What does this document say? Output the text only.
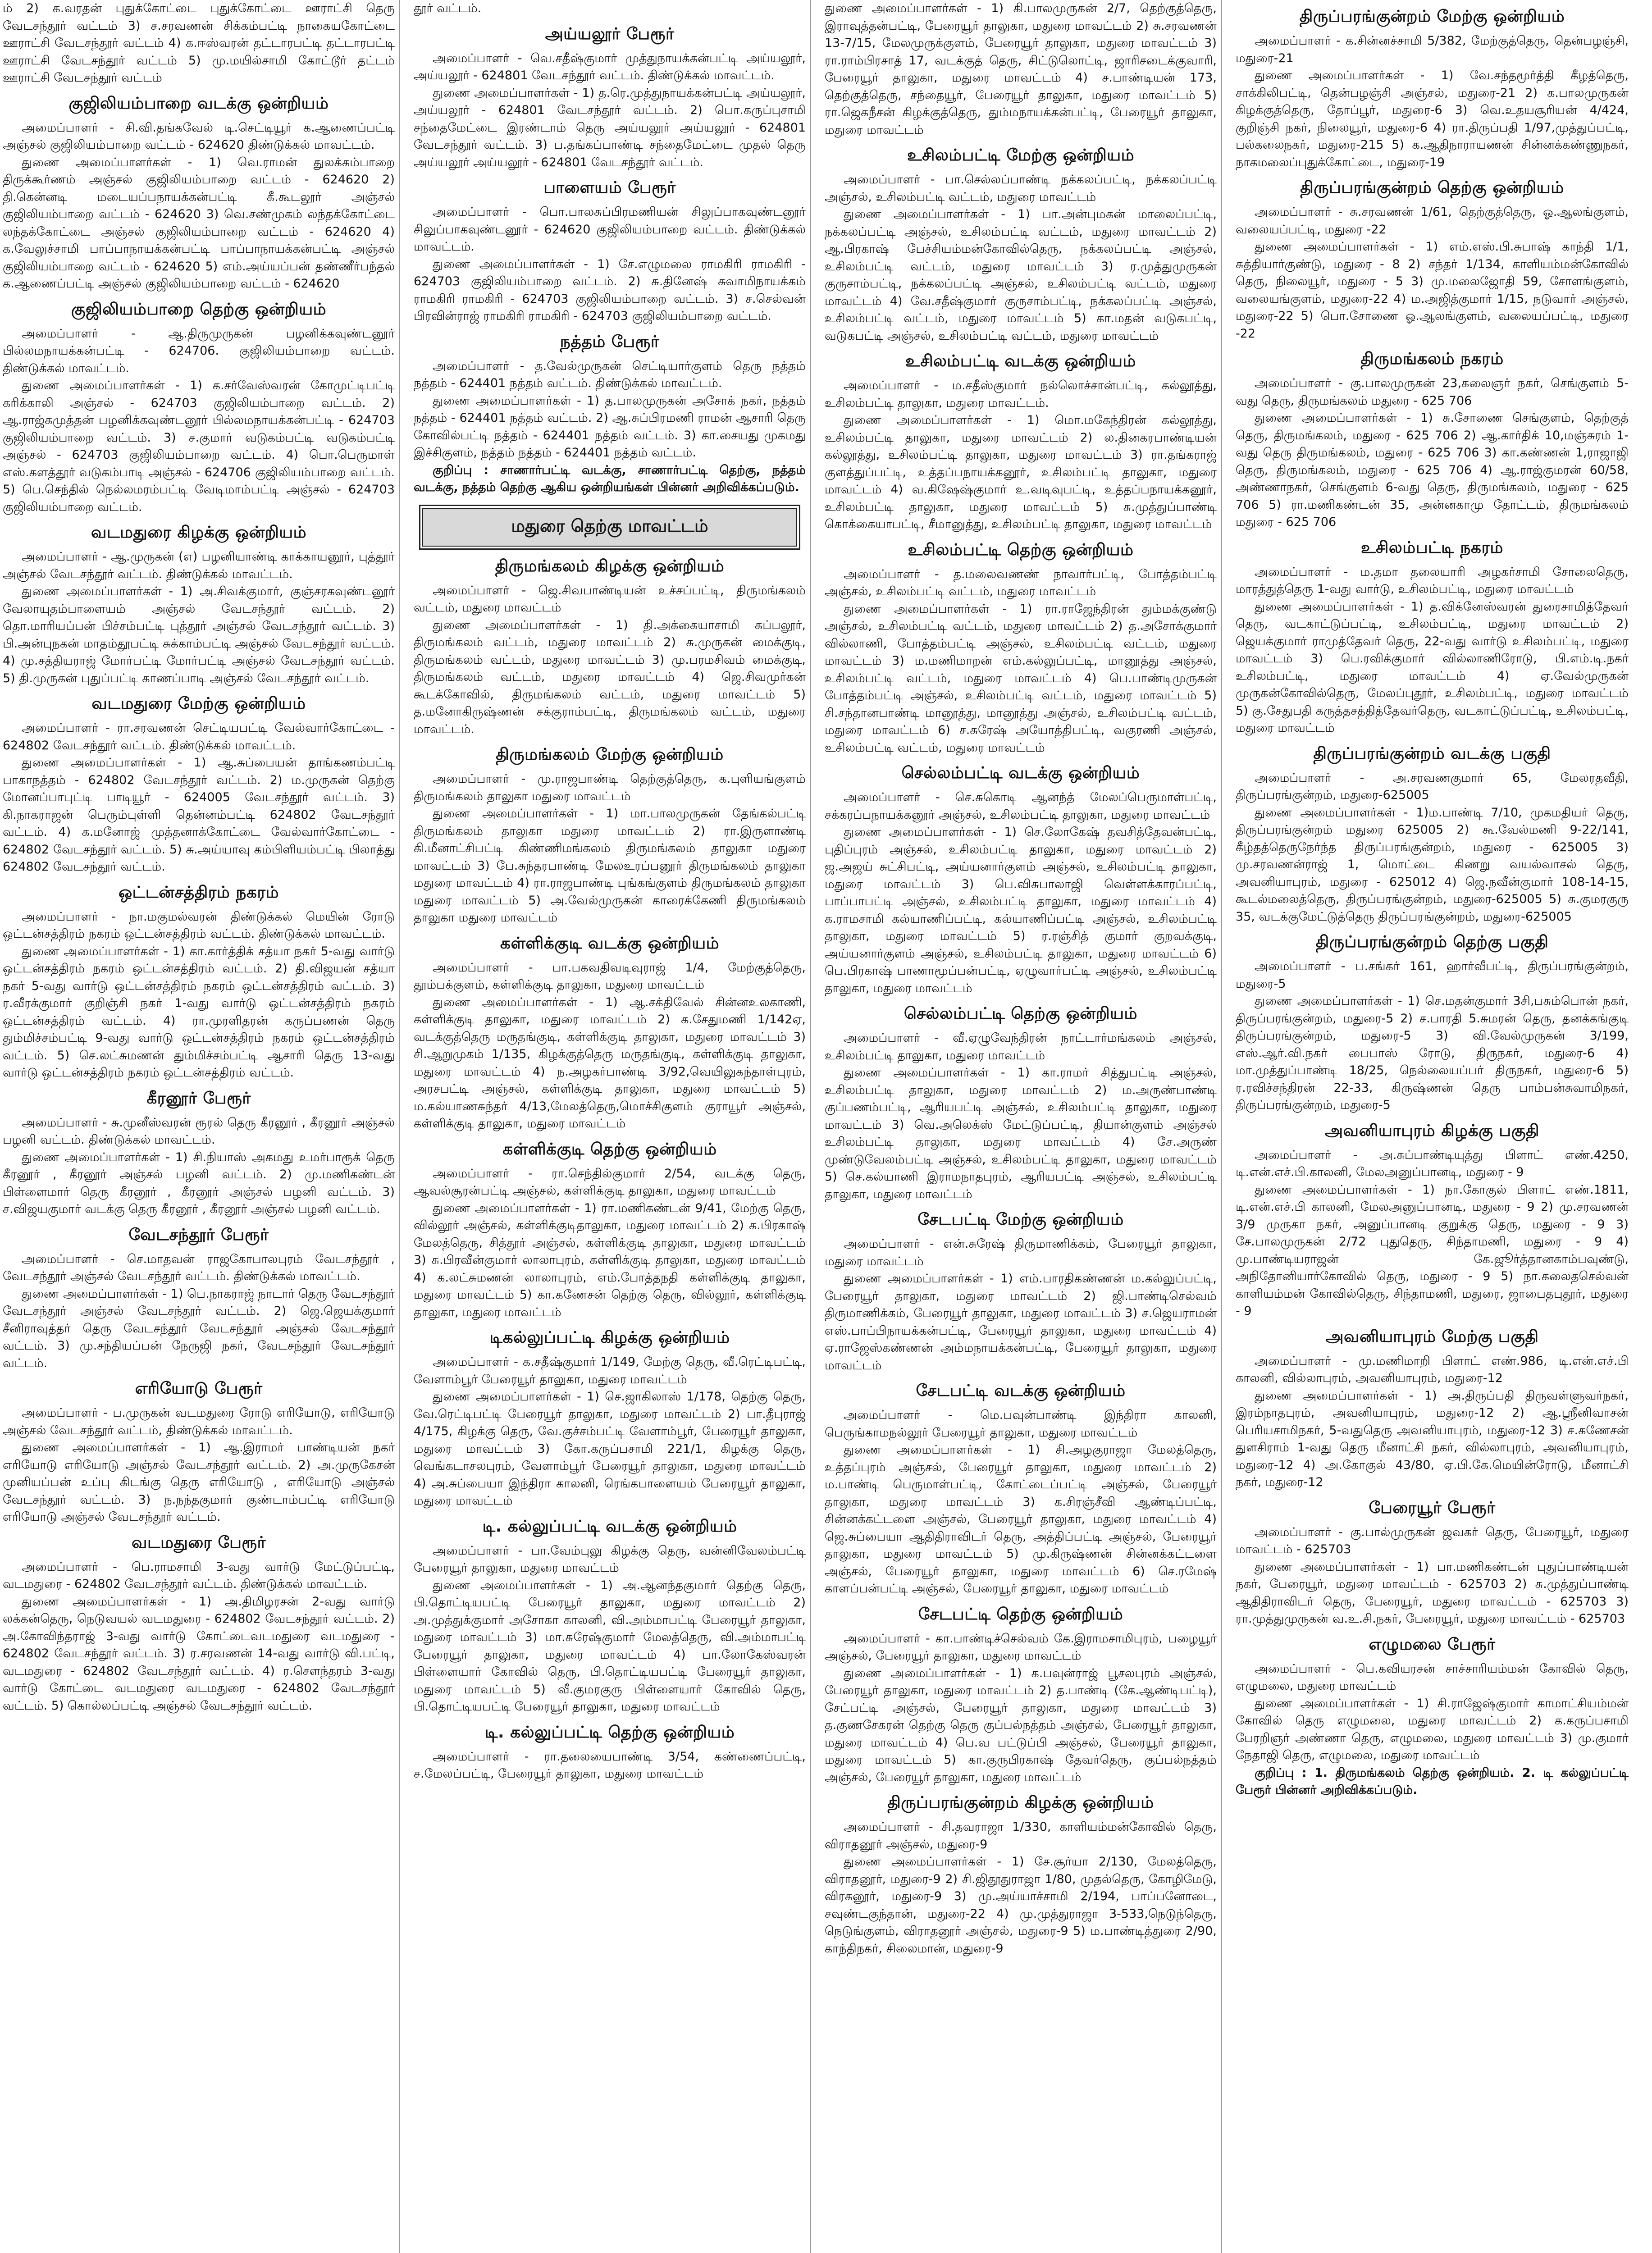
ம் 2) க.வரதன் புதுக்கோட்டை புதுக்கோட்டை ஊராட்சி தெரு வேடசந்தூர் வட்டம் 3) ச.சரவணன் சிக்கம்பட்டி நாகையகோட்டை ஊராட்சி வேடசந்தூர் வட்டம் 4) க.ஈஸ்வரன் தட்டாரபட்டி தட்டாரபட்டி ஊராட்சி வேடசந்தூர் வட்டம் 5) மு.மயில்சாமி கோட்டூர் தட்டம் ஊராட்சி வேடசந்தூர் வட்டம்

குஜிலியம்பாறை வடக்கு ஒன்றியம்

அமைப்பாளர் - சி.வி.தங்கவேல் டி.செட்டியூர் க.ஆணைப்பட்டி அஞ்சல் குஜிலியம்பாறை வட்டம் - 624620 திண்டுக்கல் மாவட்டம்.

துணை அமைப்பாளர்கள் - 1) வெ.ராமன் துலக்கம்பாறை திருக்கூர்ணம் அஞ்சல் குஜிலியம்பாறை வட்டம் - 624620 2) தி.கென்னடி மடையப்பநாயக்கன்பட்டி கீ.கூடலூர் அஞ்சல் குஜிலியம்பாறை வட்டம் - 624620 3) வெ.சண்முகம் லந்தக்கோட்டை லந்தக்கோட்டை அஞ்சல் குஜிலியம்பாறை வட்டம் - 624620 4) க.வேலுச்சாமி பாப்பாநாயக்கன்பட்டி பாப்பாநாயக்கன்பட்டி அஞ்சல் குஜிலியம்பாறை வட்டம் - 624620 5) எம்.அய்யப்பன் தண்ணீர்பந்தல் க.ஆணைப்பட்டி அஞ்சல் குஜிலியம்பாறை வட்டம் - 624620

குஜிலியம்பாறை தெற்கு ஒன்றியம்

அமைப்பாளர் - ஆ.திருமுருகன் பழனிக்கவுண்டனூர் பில்லமநாயக்கன்பட்டி - 624706. குஜிலியம்பாறை வட்டம். திண்டுக்கல் மாவட்டம்.

துணை அமைப்பாளர்கள் - 1) க.சர்வேஸ்வரன் கோமுட்டிபட்டி கரிக்காலி அஞ்சல் - 624703 குஜிலியம்பாறை வட்டம். 2) ஆ.ராஜ்கமுத்தன் பழனிக்கவுண்டனூர் பில்லமநாயக்கன்பட்டி - 624703 குஜிலியம்பாறை வட்டம். 3) ச.குமார் வடுகம்பட்டி வடுகம்பட்டி அஞ்சல் - 624703 குஜிலியம்பாறை வட்டம். 4) பொ.பெருமாள் எஸ்.களத்தூர் வடுகம்பாடி அஞ்சல் - 624706 குஜிலியம்பாறை வட்டம். 5) பெ.செந்தில் நெல்லமரம்பட்டி வேடிமாம்பட்டி அஞ்சல் - 624703 குஜிலியம்பாறை வட்டம்.

வடமதுரை கிழக்கு ஒன்றியம்

அமைப்பாளர் - ஆ.முருகன் (எ) பழனியாண்டி காக்காயனூர், புத்தூர் அஞ்சல் வேடசந்தூர் வட்டம். திண்டுக்கல் மாவட்டம்.

துணை அமைப்பாளர்கள் - 1) அ.சிவக்குமார், குஞ்சரகவுண்டனூர் வேலாயுதம்பாளையம் அஞ்சல் வேடசந்தூர் வட்டம். 2) தொ.மாரியப்பன் பிச்சம்பட்டி புத்தூர் அஞ்சல் வேடசந்தூர் வட்டம். 3) பி.அன்புநகன் மாதம்தூபட்டி சுக்காம்பட்டி அஞ்சல் வேடசந்தூர் வட்டம். 4) மு.சத்தியராஜ் மோர்பட்டி மோர்பட்டி அஞ்சல் வேடசந்தூர் வட்டம். 5) தி.முருகன் புதுப்பட்டி காணப்பாடி அஞ்சல் வேடசந்தூர் வட்டம்.

வடமதுரை மேற்கு ஒன்றியம்

அமைப்பாளர் - ரா.சரவணன் செட்டியபட்டி வேல்வார்கோட்டை - 624802 வேடசந்தூர் வட்டம். திண்டுக்கல் மாவட்டம்.

துணை அமைப்பாளர்கள் - 1) ஆ.சுப்பையன் தாங்கணம்பட்டி பாகாநத்தம் - 624802 வேடசந்தூர் வட்டம். 2) ம.முருகன் தெற்கு மோனப்பாபுட்டி பாடியூர் - 624005 வேடசந்தூர் வட்டம். 3) கி.நாகராஜன் பெரும்புள்ளி தென்னம்பட்டி 624802 வேடசந்தூர் வட்டம். 4) க.மனோஜ் முத்தனாக்கோட்டை வேல்வார்கோட்டை - 624802 வேடசந்தூர் வட்டம். 5) சு.அய்யாவு கம்பிளியம்பட்டி பிலாத்து 624802 வேடசந்தூர் வட்டம்.

ஒட்டன்சத்திரம் நகரம்

அமைப்பாளர் - நா.மகுமல்வரன் திண்டுக்கல் மெயின் ரோடு ஒட்டன்சத்திரம் நகரம் ஒட்டன்சத்திரம் வட்டம். திண்டுக்கல் மாவட்டம்.

துணை அமைப்பாளர்கள் - 1) கா.கார்த்திக் சத்யா நகர் 5-வது வார்டு ஒட்டன்சத்திரம் நகரம் ஒட்டன்சத்திரம் வட்டம். 2) தி.விஜயன் சத்யா நகர் 5-வது வார்டு ஒட்டன்சத்திரம் நகரம் ஒட்டன்சத்திரம் வட்டம். 3) ர.வீரக்குமார் குறிஞ்சி நகர் 1-வது வார்டு ஒட்டன்சத்திரம் நகரம் ஒட்டன்சத்திரம் வட்டம். 4) ரா.முரளிதரன் கருப்பணன் தெரு தும்மிச்சம்பட்டி 9-வது வார்டு ஒட்டன்சத்திரம் நகரம் ஒட்டன்சத்திரம் வட்டம். 5) செ.லட்சுமணன் தும்மிச்சம்பட்டி ஆசாரி தெரு 13-வது வார்டு ஒட்டன்சத்திரம் நகரம் ஒட்டன்சத்திரம் வட்டம்.

கீரனூர் பேரூர்

அமைப்பாளர் - சு.முனீஸ்வரன் ரூரல் தெரு கீரனூர் , கீரனூர் அஞ்சல் பழனி வட்டம். திண்டுக்கல் மாவட்டம்.

துணை அமைப்பாளர்கள் - 1) சி.நியாஸ் அகமது உமர்பாரூக் தெரு கீரனூர் , கீரனூர் அஞ்சல் பழனி வட்டம். 2) மு.மணிகண்டன் பிள்ளைமார் தெரு கீரனூர் , கீரனூர் அஞ்சல் பழனி வட்டம். 3) ச.விஜயகுமார் வடக்கு தெரு கீரனூர் , கீரனூர் அஞ்சல் பழனி வட்டம்.

வேடசந்தூர் பேரூர்

அமைப்பாளர் - செ.மாதவன் ராஜகோபாலபுரம் வேடசந்தூர் , வேடசந்தூர் அஞ்சல் வேடசந்தூர் வட்டம். திண்டுக்கல் மாவட்டம்.

துணை அமைப்பாளர்கள் - 1) பெ.நாகராஜ் நாடார் தெரு வேடசந்தூர் வேடசந்தூர் அஞ்சல் வேடசந்தூர் வட்டம். 2) ஜெ.ஜெயக்குமார் சீனிராவுத்தர் தெரு வேடசந்தூர் வேடசந்தூர் அஞ்சல் வேடசந்தூர் வட்டம். 3) மு.சந்தியப்பன் நேருஜி நகர், வேடசந்தூர் வேடசந்தூர் வட்டம்.

எரியோடு பேரூர்

அமைப்பாளர் - ப.முருகன் வடமதுரை ரோடு எரியோடு, எரியோடு அஞ்சல் வேடசந்தூர் வட்டம், திண்டுக்கல் மாவட்டம்.

துணை அமைப்பாளர்கள் - 1) ஆ.இராமர் பாண்டியன் நகர் எரியோடு எரியோடு அஞ்சல் வேடசந்தூர் வட்டம். 2) அ.முருகேசன் முனியப்பன் உப்பு கிடங்கு தெரு எரியோடு , எரியோடு அஞ்சல் வேடசந்தூர் வட்டம். 3) ந.நந்தகுமார் குண்டாம்பட்டி எரியோடு எரியோடு அஞ்சல் வேடசந்தூர் வட்டம்.

வடமதுரை பேரூர்

அமைப்பாளர் - பெ.ராமசாமி 3-வது வார்டு மேட்டுப்பட்டி, வடமதுரை - 624802 வேடசந்தூர் வட்டம். திண்டுக்கல் மாவட்டம்.

துணை அமைப்பாளர்கள் - 1) அ.திமிழரசன் 2-வது வார்டு லக்கன்தெரு, நெடுவயல் வடமதுரை - 624802 வேடசந்தூர் வட்டம். 2) அ.கோவிந்தராஜ் 3-வது வார்டு கோட்டைவடமதுரை வடமதுரை - 624802 வேடசந்தூர் வட்டம். 3) ர.சரவணன் 14-வது வார்டு வி.பட்டி, வடமதுரை - 624802 வேடசந்தூர் வட்டம். 4) ர.சௌந்தரம் 3-வது வார்டு கோட்டை வடமதுரை வடமதுரை - 624802 வேடசந்தூர் வட்டம். 5) கொல்லப்பட்டி அஞ்சல் வேடசந்தூர் வட்டம்.

தூர் வட்டம்.

அய்யலூர் பேரூர்

அமைப்பாளர் - வெ.சதீஷ்குமார் முத்துநாயக்கன்பட்டி அய்யலூர், அய்யலூர் - 624801 வேடசந்தூர் வட்டம். திண்டுக்கல் மாவட்டம்.

துணை அமைப்பாளர்கள் - 1) த.ரெ.முத்துநாயக்கன்பட்டி அய்யலூர், அய்யலூர் - 624801 வேடசந்தூர் வட்டம். 2) பொ.கருப்புசாமி சந்தைமேட்டை இரண்டாம் தெரு அய்யலூர் அய்யலூர் - 624801 வேடசந்தூர் வட்டம். 3) ப.தங்கப்பாண்டி சந்தைமேட்டை முதல் தெரு அய்யலூர் அய்யலூர் - 624801 வேடசந்தூர் வட்டம்.

பாளையம் பேரூர்

அமைப்பாளர் - பொ.பாலசுப்பிரமணியன் சிலுப்பாகவுண்டனூர் சிலுப்பாகவுண்டனூர் - 624620 குஜிலியம்பாறை வட்டம். திண்டுக்கல் மாவட்டம்.

துணை அமைப்பாளர்கள் - 1) சே.எழுமலை ராமகிரி ராமகிரி - 624703 குஜிலியம்பாறை வட்டம். 2) சு.தினேஷ் சுவாமிநாயக்கம் ராமகிரி ராமகிரி - 624703 குஜிலியம்பாறை வட்டம். 3) ச.செல்வன் பிரவின்ராஜ் ராமகிரி ராமகிரி - 624703 குஜிலியம்பாறை வட்டம்.

நத்தம் பேரூர்

அமைப்பாளர் - த.வேல்முருகன் செட்டியார்குளம் தெரு நத்தம் நத்தம் - 624401 நத்தம் வட்டம். திண்டுக்கல் மாவட்டம்.

துணை அமைப்பாளர்கள் - 1) த.பாலமுருகன் அசோக் நகர், நத்தம் நத்தம் - 624401 நத்தம் வட்டம். 2) ஆ.சுப்பிரமணி ராமன் ஆசாரி தெரு கோவில்பட்டி நத்தம் - 624401 நத்தம் வட்டம். 3) கா.சையது முகமது இச்சிகுளம், நத்தம் நத்தம் - 624401 நத்தம் வட்டம்.

குறிப்பு : சாணார்பட்டி வடக்கு, சாணார்பட்டி தெற்கு, நத்தம் வடக்கு, நத்தம் தெற்கு ஆகிய ஒன்றியங்கள் பின்னர் அறிவிக்கப்படும்.

மதுரை தெற்கு மாவட்டம்
திருமங்கலம் கிழக்கு ஒன்றியம்

அமைப்பாளர் - ஜெ.சிவபாண்டியன் உச்சப்பட்டி, திருமங்கலம் வட்டம், மதுரை மாவட்டம்

துணை அமைப்பாளர்கள் - 1) தி.அக்கையாசாமி கப்பலூர், திருமங்கலம் வட்டம், மதுரை மாவட்டம் 2) சு.முருகன் மைக்குடி, திருமங்கலம் வட்டம், மதுரை மாவட்டம் 3) மு.பரமசிவம் மைக்குடி, திருமங்கலம் வட்டம், மதுரை மாவட்டம் 4) ஜெ.சிவமுர்கன் கூடக்கோவில், திருமங்கலம் வட்டம், மதுரை மாவட்டம் 5) த.மனோகிருஷ்ணன் சக்குராம்பட்டி, திருமங்கலம் வட்டம், மதுரை மாவட்டம்.

திருமங்கலம் மேற்கு ஒன்றியம்

அமைப்பாளர் - மு.ராஜபாண்டி தெற்குத்தெரு, க.புளியங்குளம் திருமங்கலம் தாலுகா மதுரை மாவட்டம்

துணை அமைப்பாளர்கள் - 1) மா.பாலமுருகன் தேங்கல்பட்டி திருமங்கலம் தாலுகா மதுரை மாவட்டம் 2) ரா.இருளாண்டி கி.மீனாட்சிபட்டி கிண்ணிமங்கலம் திருமங்கலம் தாலுகா மதுரை மாவட்டம் 3) பே.சுந்தரபாண்டி மேலஉரப்பனூர் திருமங்கலம் தாலுகா மதுரை மாவட்டம் 4) ரா.ராஜபாண்டி புங்கங்குளம் திருமங்கலம் தாலுகா மதுரை மாவட்டம் 5) அ.வேல்முருகன் காரைக்கேணி திருமங்கலம் தாலுகா மதுரை மாவட்டம்

கள்ளிக்குடி வடக்கு ஒன்றியம்

அமைப்பாளர் - பா.பகவதிவடிவுராஜ் 1/4, மேற்குத்தெரு, தூம்பக்குளம், கள்ளிக்குடி தாலுகா, மதுரை மாவட்டம்

துணை அமைப்பாளர்கள் - 1) ஆ.சக்திவேல் சின்னஉலகாணி, கள்ளிக்குடி தாலுகா, மதுரை மாவட்டம் 2) க.சேதுமணி 1/142ஏ, வடக்குத்தெரு மருதங்குடி, கள்ளிக்குடி தாலுகா, மதுரை மாவட்டம் 3) சி.ஆறுமுகம் 1/135, கிழக்குத்தெரு மருதங்குடி, கள்ளிக்குடி தாலுகா, மதுரை மாவட்டம் 4) ந.அழகர்பாண்டி 3/92,வெயிலுகந்தாள்புரம், அரசபட்டி அஞ்சல், கள்ளிக்குடி தாலுகா, மதுரை மாவட்டம் 5) ம.கல்யாணசுந்தர் 4/13,மேலத்தெரு,மொச்சிகுளம் குராயூர் அஞ்சல், கள்ளிக்குடி தாலுகா, மதுரை மாவட்டம்

கள்ளிக்குடி தெற்கு ஒன்றியம்

அமைப்பாளர் - ரா.செந்தில்குமார் 2/54, வடக்கு தெரு, ஆவல்சூரன்பட்டி அஞ்சல், கள்ளிக்குடி தாலுகா, மதுரை மாவட்டம்

துணை அமைப்பாளர்கள் - 1) ரா.மணிகண்டன் 9/41, மேற்கு தெரு, வில்லூர் அஞ்சல், கள்ளிக்குடிதாலுகா, மதுரை மாவட்டம் 2) க.பிரகாஷ் மேலத்தெரு, சித்தூர் அஞ்சல், கள்ளிக்குடி தாலுகா, மதுரை மாவட்டம் 3) சு.பிரவீன்குமார் லாலாபுரம், கள்ளிக்குடி தாலுகா, மதுரை மாவட்டம் 4) க.லட்சுமணன் லாலாபுரம், எம்.போத்தநதி கள்ளிக்குடி தாலுகா, மதுரை மாவட்டம் 5) கா.கணேசன் தெற்கு தெரு, வில்லூர், கள்ளிக்குடி தாலுகா, மதுரை மாவட்டம்

டிகல்லுப்பட்டி கிழக்கு ஒன்றியம்

அமைப்பாளர் - க.சதீஷ்குமார் 1/149, மேற்கு தெரு, வீ.ரெட்டிபட்டி, வேளாம்பூர் பேரையூர் தாலுகா, மதுரை மாவட்டம்

துணை அமைப்பாளர்கள் - 1) செ.ஜாகிலாஸ் 1/178, தெற்கு தெரு, வே.ரெட்டிபட்டி பேரையூர் தாலுகா, மதுரை மாவட்டம் 2) பா.தீபுராஜ் 4/175, கிழக்கு தெரு, வே.குச்சம்பட்டி வேளாம்பூர், பேரையூர் தாலுகா, மதுரை மாவட்டம் 3) கோ.கருப்பசாமி 221/1, கிழக்கு தெரு, வெங்கடாசலபுரம், வேளாம்பூர் பேரையூர் தாலுகா, மதுரை மாவட்டம் 4) அ.சுப்பையா இந்திரா காலனி, ரெங்கபாளையம் பேரையூர் தாலுகா, மதுரை மாவட்டம்

டி. கல்லுப்பட்டி வடக்கு ஒன்றியம்

அமைப்பாளர் - பா.வேம்புலு கிழக்கு தெரு, வன்னிவேலம்பட்டி பேரையூர் தாலுகா, மதுரை மாவட்டம்

துணை அமைப்பாளர்கள் - 1) அ.ஆனந்தகுமார் தெற்கு தெரு, பி.தொட்டியபட்டி பேரையூர் தாலுகா, மதுரை மாவட்டம் 2) அ.முத்துக்குமார் அசோகா காலனி, வி.அம்மாபட்டி பேரையூர் தாலுகா, மதுரை மாவட்டம் 3) மா.சுரேஷ்குமார் மேலத்தெரு, வி.அம்மாபட்டி பேரையூர் தாலுகா, மதுரை மாவட்டம் 4) பா.லோகேஸ்வரன் பிள்ளையார் கோவில் தெரு, பி.தொட்டியபட்டி பேரையூர் தாலுகா, மதுரை மாவட்டம் 5) வீ.குமரகுரு பிள்ளையார் கோவில் தெரு, பி.தொட்டியபட்டி பேரையூர் தாலுகா, மதுரை மாவட்டம்

டி. கல்லுப்பட்டி தெற்கு ஒன்றியம்

அமைப்பாளர் - ரா.தலையைபாண்டி 3/54, கண்ணைப்பட்டி, ச.மேலப்பட்டி, பேரையூர் தாலுகா, மதுரை மாவட்டம்

துணை அமைப்பாளர்கள் - 1) கி.பாலமுருகன் 2/7, தெற்குத்தெரு, இராவுத்தன்பட்டி, பேரையூர் தாலுகா, மதுரை மாவட்டம் 2) சு.சரவணன் 13-7/15, மேலமுருக்குளம், பேரையூர் தாலுகா, மதுரை மாவட்டம் 3) ரா.ராம்பிரசாத் 17, வடக்குத் தெரு, சிட்டுலொட்டி, ஜாரிசடைக்குவாரி, பேரையூர் தாலுகா, மதுரை மாவட்டம் 4) ச.பாண்டியன் 173, தெற்குத்தெரு, சந்தையூர், பேரையூர் தாலுகா, மதுரை மாவட்டம் 5) ரா.ஜெகநீசன் கிழக்குத்தெரு, தும்மநாயக்கன்பட்டி, பேரையூர் தாலுகா, மதுரை மாவட்டம்

உசிலம்பட்டி மேற்கு ஒன்றியம்

அமைப்பாளர் - பா.செல்லப்பாண்டி நக்கலப்பட்டி, நக்கலப்பட்டி அஞ்சல், உசிலம்பட்டி வட்டம், மதுரை மாவட்டம்

துணை அமைப்பாளர்கள் - 1) பா.அன்புமகன் மாலைப்பட்டி, நக்கலப்பட்டி அஞ்சல், உசிலம்பட்டி வட்டம், மதுரை மாவட்டம் 2) ஆ.பிரகாஷ் பேச்சியம்மன்கோவில்தெரு, நக்கலப்பட்டி அஞ்சல், உசிலம்பட்டி வட்டம், மதுரை மாவட்டம் 3) ர.முத்துமுருகன் குருசாம்பட்டி, நக்கலப்பட்டி அஞ்சல், உசிலம்பட்டி வட்டம், மதுரை மாவட்டம் 4) வே.சதீஷ்குமார் குருசாம்பட்டி, நக்கலப்பட்டி அஞ்சல், உசிலம்பட்டி வட்டம், மதுரை மாவட்டம் 5) கா.மதன் வடுகபட்டி, வடுகபட்டி அஞ்சல், உசிலம்பட்டி வட்டம், மதுரை மாவட்டம்

உசிலம்பட்டி வடக்கு ஒன்றியம்

அமைப்பாளர் - ம.சதீஸ்குமார் நல்லொச்சான்பட்டி, கல்லூத்து, உசிலம்பட்டி தாலுகா, மதுரை மாவட்டம்.

துணை அமைப்பாளர்கள் - 1) மொ.மகேந்திரன் கல்லூத்து, உசிலம்பட்டி தாலுகா, மதுரை மாவட்டம் 2) ல.தினகரபாண்டியன் கல்லூத்து, உசிலம்பட்டி தாலுகா, மதுரை மாவட்டம் 3) ரா.தங்கராஜ் குளத்துப்பட்டி, உத்தப்பநாயக்கனூர், உசிலம்பட்டி தாலுகா, மதுரை மாவட்டம் 4) வ.கிஷேஷ்குமார் உ.வடிவுபட்டி, உத்தப்பநாயக்கனூர், உசிலம்பட்டி தாலுகா, மதுரை மாவட்டம் 5) சு.முத்துப்பாண்டி கொக்கையாபட்டி, சீமானுத்து, உசிலம்பட்டி தாலுகா, மதுரை மாவட்டம்

உசிலம்பட்டி தெற்கு ஒன்றியம்

அமைப்பாளர் - த.மலைவணண் நாவார்பட்டி, போத்தம்பட்டி அஞ்சல், உசிலம்பட்டி வட்டம், மதுரை மாவட்டம்

துணை அமைப்பாளர்கள் - 1) ரா.ராஜேந்திரன் தும்மக்குண்டு அஞ்சல், உசிலம்பட்டி வட்டம், மதுரை மாவட்டம் 2) த.அசோக்குமார் வில்லாணி, போத்தம்பட்டி அஞ்சல், உசிலம்பட்டி வட்டம், மதுரை மாவட்டம் 3) ம.மணிமாறன் எம்.கல்லுப்பட்டி, மானூத்து அஞ்சல், உசிலம்பட்டி வட்டம், மதுரை மாவட்டம் 4) பெ.பாண்டிமுருகன் போத்தம்பட்டி அஞ்சல், உசிலம்பட்டி வட்டம், மதுரை மாவட்டம் 5) சி.சந்தானபாண்டி மானூத்து, மானூத்து அஞ்சல், உசிலம்பட்டி வட்டம், மதுரை மாவட்டம் 6) ச.சுரேஷ் அயோத்திபட்டி, வகுரணி அஞ்சல், உசிலம்பட்டி வட்டம், மதுரை மாவட்டம்

செல்லம்பட்டி வடக்கு ஒன்றியம்

அமைப்பாளர் - செ.சுகொடி ஆனந்த் மேலப்பெருமாள்பட்டி, சக்கரப்பநாயக்கனூர் அஞ்சல், உசிலம்பட்டி தாலுகா, மதுரை மாவட்டம்

துணை அமைப்பாளர்கள் - 1) செ.லோகேஷ் தவசித்தேவன்பட்டி, புதிப்புரம் அஞ்சல், உசிலம்பட்டி தாலுகா, மதுரை மாவட்டம் 2) ஜ.அஜய் சுட்சிபட்டி, அய்யனார்குளம் அஞ்சல், உசிலம்பட்டி தாலுகா, மதுரை மாவட்டம் 3) பெ.விசுபாலாஜி வெள்ளக்காரப்பட்டி, பாப்பாபட்டி அஞ்சல், உசிலம்பட்டி தாலுகா, மதுரை மாவட்டம் 4) க.ராமசாமி கல்யாணிப்பட்டி, கல்யாணிப்பட்டி அஞ்சல், உசிலம்பட்டி தாலுகா, மதுரை மாவட்டம் 5) ர.ரஞ்சித் குமார் குறவக்குடி, அய்யனார்குளம் அஞ்சல், உசிலம்பட்டி தாலுகா, மதுரை மாவட்டம் 6) பெ.பிரகாஷ் பாணாமூப்பன்பட்டி, ஏழுவார்பட்டி அஞ்சல், உசிலம்பட்டி தாலுகா, மதுரை மாவட்டம்

செல்லம்பட்டி தெற்கு ஒன்றியம்

அமைப்பாளர் - வீ.ஏழுவேந்திரன் நாட்டார்மங்கலம் அஞ்சல், உசிலம்பட்டி தாலுகா, மதுரை மாவட்டம்

துணை அமைப்பாளர்கள் - 1) கா.ராமர் சித்துபட்டி அஞ்சல், உசிலம்பட்டி தாலுகா, மதுரை மாவட்டம் 2) ம.அருண்பாண்டி குப்பணம்பட்டி, ஆரியபட்டி அஞ்சல், உசிலம்பட்டி தாலுகா, மதுரை மாவட்டம் 3) வெ.அலெக்ஸ் மேட்டுப்பட்டி, தியான்குளம் அஞ்சல் உசிலம்பட்டி தாலுகா, மதுரை மாவட்டம் 4) சே.அருண் முண்டுவேலம்பட்டி அஞ்சல், உசிலம்பட்டி தாலுகா, மதுரை மாவட்டம் 5) செ.கல்யாணி இராமநாதபுரம், ஆரியபட்டி அஞ்சல், உசிலம்பட்டி தாலுகா, மதுரை மாவட்டம்

சேடபட்டி மேற்கு ஒன்றியம்

அமைப்பாளர் - என்.சுரேஷ் திருமாணிக்கம், பேரையூர் தாலுகா, மதுரை மாவட்டம்

துணை அமைப்பாளர்கள் - 1) எம்.பாரதிகண்ணன் ம.கல்லுப்பட்டி, பேரையூர் தாலுகா, மதுரை மாவட்டம் 2) ஜி.பாண்டிசெல்வம் திருமாணிக்கம், பேரையூர் தாலுகா, மதுரை மாவட்டம் 3) ச.ஜெயராமன் எஸ்.பாப்பிநாயக்கன்பட்டி, பேரையூர் தாலுகா, மதுரை மாவட்டம் 4) ஏ.ராஜேஸ்கண்ணன் அம்மநாயக்கன்பட்டி, பேரையூர் தாலுகா, மதுரை மாவட்டம்

சேடபட்டி வடக்கு ஒன்றியம்

அமைப்பாளர் - மெ.பவுன்பாண்டி இந்திரா காலனி, பெருங்காமநல்லூர் பேரையூர் தாலுகா, மதுரை மாவட்டம்

துணை அமைப்பாளர்கள் - 1) சி.அழகுராஜா மேலத்தெரு, உத்தப்புரம் அஞ்சல், பேரையூர் தாலுகா, மதுரை மாவட்டம் 2) ம.பாண்டி பெருமாள்பட்டி, கோட்டைப்பட்டி அஞ்சல், பேரையூர் தாலுகா, மதுரை மாவட்டம் 3) க.சிரஞ்சீவி ஆண்டிப்பட்டி, சின்னக்கட்டளை அஞ்சல், பேரையூர் தாலுகா, மதுரை மாவட்டம் 4) ஜெ.சுப்பையா ஆதிதிராவிடர் தெரு, அத்திப்பட்டி அஞ்சல், பேரையூர் தாலுகா, மதுரை மாவட்டம் 5) மு.கிருஷ்ணன் சின்னக்கட்டளை அஞ்சல், பேரையூர் தாலுகா, மதுரை மாவட்டம் 6) செ.ரமேஷ் காளப்பன்பட்டி அஞ்சல், பேரையூர் தாலுகா, மதுரை மாவட்டம்

சேடபட்டி தெற்கு ஒன்றியம்

அமைப்பாளர் - கா.பாண்டிச்செல்வம் கே.இராமசாமிபுரம், பழையூர் அஞ்சல், பேரையூர் தாலுகா, மதுரை மாவட்டம்

துணை அமைப்பாளர்கள் - 1) க.பவுன்ராஜ் பூசலபுரம் அஞ்சல், பேரையூர் தாலுகா, மதுரை மாவட்டம் 2) த.பாண்டி (கே.ஆண்டிபட்டி), சேட்பட்டி அஞ்சல், பேரையூர் தாலுகா, மதுரை மாவட்டம் 3) த.குணசேகரன் தெற்கு தெரு குப்பல்நத்தம் அஞ்சல், பேரையூர் தாலுகா, மதுரை மாவட்டம் 4) பெ.வ பட்டுப்பி அஞ்சல், பேரையூர் தாலுகா, மதுரை மாவட்டம் 5) கா.குருபிரகாஷ் தேவர்தெரு, குப்பல்நத்தம் அஞ்சல், பேரையூர் தாலுகா, மதுரை மாவட்டம்

திருப்பரங்குன்றம் கிழக்கு ஒன்றியம்

அமைப்பாளர் - சி.தவராஜா 1/330, காளியம்மன்கோவில் தெரு, விராதனூர் அஞ்சல், மதுரை-9

துணை அமைப்பாளர்கள் - 1) சே.சூர்யா 2/130, மேலத்தெரு, விராதனூர், மதுரை-9 2) சி.ஜிதூதுராஜா 1/80, முதல்தெரு, கோழிமேடு, விரகனூர், மதுரை-9 3) மு.அய்யாச்சாமி 2/194, பாப்பனோடை, சவுண்டகுந்தான், மதுரை-22 4) மு.முத்துராஜா 3-533,நெடுந்தெரு, நெடுங்குளம், விராதனூர் அஞ்சல், மதுரை-9 5) ம.பாண்டித்துரை 2/90, காந்திநகர், சிலைமான், மதுரை-9

திருப்பரங்குன்றம் மேற்கு ஒன்றியம்

அமைப்பாளர் - க.சின்னச்சாமி 5/382, மேற்குத்தெரு, தென்பழஞ்சி, மதுரை-21

துணை அமைப்பாளர்கள் - 1) வே.சந்தமூர்த்தி கீழத்தெரு, சாக்கிலிபட்டி, தென்பழஞ்சி அஞ்சல், மதுரை-21 2) க.பாலமுருகன் கிழக்குத்தெரு, தோப்பூர், மதுரை-6 3) வெ.உதயசூரியன் 4/424, குறிஞ்சி நகர், நிலையூர், மதுரை-6 4) ரா.திருப்பதி 1/97,முத்துப்பட்டி, பல்கலைநகர், மதுரை-215 5) க.ஆதிநாராயணன் சின்னக்கண்ணுநகர், நாகமலைப்புதுக்கோட்டை, மதுரை-19

திருப்பரங்குன்றம் தெற்கு ஒன்றியம்

அமைப்பாளர் - சு.சரவணன் 1/61, தெற்குத்தெரு, ஓ.ஆலங்குளம், வலையப்பட்டி, மதுரை -22

துணை அமைப்பாளர்கள் - 1) எம்.எஸ்.பி.சுபாஷ் காந்தி 1/1, சுத்தியார்குண்டு, மதுரை - 8 2) சந்தர் 1/134, காளியம்மன்கோவில் தெரு, நிலையூர், மதுரை - 5 3) மு.மலைஜோதி 59, சோளங்குளம், வலையங்குளம், மதுரை-22 4) ம.அஜித்குமார் 1/15, நடுவார் அஞ்சல், மதுரை-22 5) பொ.சோணை ஓ.ஆலங்குளம், வலையப்பட்டி, மதுரை -22

திருமங்கலம் நகரம்

அமைப்பாளர் - கு.பாலமுருகன் 23,கலைஞர் நகர், செங்குளம் 5-வது தெரு, திருமங்கலம் மதுரை - 625 706

துணை அமைப்பாளர்கள் - 1) சு.சோணை செங்குளம், தெற்குத் தெரு, திருமங்கலம், மதுரை - 625 706 2) ஆ.கார்திக் 10,மஞ்சுரம் 1-வது தெரு திருமங்கலம், மதுரை - 625 706 3) கா.கண்ணன் 1,ராஜாஜி தெரு, திருமங்கலம், மதுரை - 625 706 4) ஆ.ராஜ்குமரன் 60/58, அண்ணாநகர், செங்குளம் 6-வது தெரு, திருமங்கலம், மதுரை - 625 706 5) ரா.மணிகண்டன் 35, அன்னகாமு தோட்டம், திருமங்கலம் மதுரை - 625 706

உசிலம்பட்டி நகரம்

அமைப்பாளர் - ம.தமா தலையாரி அழகர்சாமி சோலைதெரு, மாரத்துத்தெரு 1-வது வார்டு, உசிலம்பட்டி, மதுரை மாவட்டம்

துணை அமைப்பாளர்கள் - 1) த.விக்னேஸ்வரன் துரைசாமித்தேவர் தெரு, வடகாட்டுப்பட்டி, உசிலம்பட்டி, மதுரை மாவட்டம் 2) ஜெயக்குமார் ராமுத்தேவர் தெரு, 22-வது வார்டு உசிலம்பட்டி, மதுரை மாவட்டம் 3) பெ.ரவிக்குமார் வில்லாணிரோடு, பி.எம்.டி.நகர் உசிலம்பட்டி, மதுரை மாவட்டம் 4) ஏ.வேல்முருகன் முருகன்கோவில்தெரு, மேலப்புதூர், உசிலம்பட்டி, மதுரை மாவட்டம் 5) கு.சேதுபதி கருத்தசத்தித்தேவர்தெரு, வடகாட்டுப்பட்டி, உசிலம்பட்டி, மதுரை மாவட்டம்

திருப்பரங்குன்றம் வடக்கு பகுதி

அமைப்பாளர் - அ.சரவணகுமார் 65, மேலரதவீதி, திருப்பரங்குன்றம், மதுரை-625005

துணை அமைப்பாளர்கள் - 1)ம.பாண்டி 7/10, முகமதியர் தெரு, திருப்பரங்குன்றம் மதுரை 625005 2) கூ.வேல்மணி 9-22/141, கீழ்தத்தெருநேர்ந்த திருப்பரங்குன்றம், மதுரை - 625005 3) மு.சரவணன்ராஜ் 1, மொட்டை கிணறு வயல்வாசல் தெரு, அவனியாபுரம், மதுரை - 625012 4) ஜெ.நவீன்குமார் 108-14-15, கூடல்மலைத்தெரு, திருப்பரங்குன்றம், மதுரை-625005 5) சு.குமரகுரு 35, வடக்குமேட்டுத்தெரு திருப்பரங்குன்றம், மதுரை-625005

திருப்பரங்குன்றம் தெற்கு பகுதி

அமைப்பாளர் - ப.சங்கர் 161, ஹார்வீபட்டி, திருப்பரங்குன்றம், மதுரை-5

துணை அமைப்பாளர்கள் - 1) செ.மதன்குமார் 3சி,பசும்பொன் நகர், திருப்பரங்குன்றம், மதுரை-5 2) ச.பாரதி 5.சுமரன் தெரு, தனக்கங்குடி திருப்பரங்குன்றம், மதுரை-5 3) வி.வேல்முருகன் 3/199, எஸ்.ஆர்.வி.நகர் பைபாஸ் ரோடு, திருநகர், மதுரை-6 4) மா.முத்துப்பாண்டி 18/25, நெல்லையப்பர் திருநகர், மதுரை-6 5) ர.ரவிச்சந்திரன் 22-33, கிருஷ்ணன் தெரு பாம்பன்சுவாமிநகர், திருப்பரங்குன்றம், மதுரை-5

அவனியாபுரம் கிழக்கு பகுதி

அமைப்பாளர் - அ.சுப்பாண்டியுத்து பிளாட் எண்.4250, டி.என்.எச்.பி.காலனி, மேலஅனுப்பானடி, மதுரை - 9

துணை அமைப்பாளர்கள் - 1) நா.கோகுல் பிளாட் எண்.1811, டி.என்.எச்.பி காலனி, மேலஅனுப்பானடி, மதுரை - 9 2) மு.சரவணன் 3/9 முருகா நகர், அனுப்பானடி குறுக்கு தெரு, மதுரை - 9 3) சே.பாலமுருகன் 2/72 புதுதெரு, சிந்தாமணி, மதுரை - 9 4) மு.பாண்டியராஜன் கே.ஜூர்த்தானகாம்பவுண்டு, அநிதோனியார்கோவில் தெரு, மதுரை - 9 5) நா.கலைதசெல்வன் காளியம்மன் கோவில்தெரு, சிந்தாமணி, மதுரை, ஜாபைதபுதூர், மதுரை - 9

அவனியாபுரம் மேற்கு பகுதி

அமைப்பாளர் - மு.மணிமாறி பிளாட் எண்.986, டி.என்.எச்.பி காலனி, வில்லாபுரம், அவனியாபுரம், மதுரை-12

துணை அமைப்பாளர்கள் - 1) அ.திருப்பதி திருவள்ளுவர்நகர், இரம்நாதபுரம், அவனியாபுரம், மதுரை-12 2) ஆ.ஸ்ரீனிவாசன் பெரியசாமிநகர், 5-வதுதெரு அவனியாபுரம், மதுரை-12 3) ச.கணேசன் துளசிராம் 1-வது தெரு மீனாட்சி நகர், வில்லாபுரம், அவனியாபுரம், மதுரை-12 4) அ.கோகுல் 43/80, ஏ.பி.கே.மெயின்ரோடு, மீனாட்சி நகர், மதுரை-12

பேரையூர் பேரூர்

அமைப்பாளர் - கு.பால்முருகன் ஜவகர் தெரு, பேரையூர், மதுரை மாவட்டம் - 625703

துணை அமைப்பாளர்கள் - 1) பா.மணிகண்டன் புதுப்பாண்டியன் நகர், பேரையூர், மதுரை மாவட்டம் - 625703 2) சு.முத்துப்பாண்டி ஆதிதிராவிடர் தெரு, பேரையூர், மதுரை மாவட்டம் - 625703 3) ரா.முத்துமுருகன் வ.உ.சி.நகர், பேரையூர், மதுரை மாவட்டம் - 625703

எழுமலை பேரூர்

அமைப்பாளர் - பெ.கவியரசன் சாச்சாரியம்மன் கோவில் தெரு, எழுமலை, மதுரை மாவட்டம்

துணை அமைப்பாளர்கள் - 1) சி.ராஜேஷ்குமார் காமாட்சியம்மன் கோவில் தெரு எழுமலை, மதுரை மாவட்டம் 2) க.கருப்பசாமி பேரறிஞர் அண்ணா தெரு, எழுமலை, மதுரை மாவட்டம் 3) மு.குமார் நேதாஜி தெரு, எழுமலை, மதுரை மாவட்டம்

குறிப்பு : 1. திருமங்கலம் தெற்கு ஒன்றியம். 2. டி கல்லுப்பட்டி பேரூர் பின்னர் அறிவிக்கப்படும்.
